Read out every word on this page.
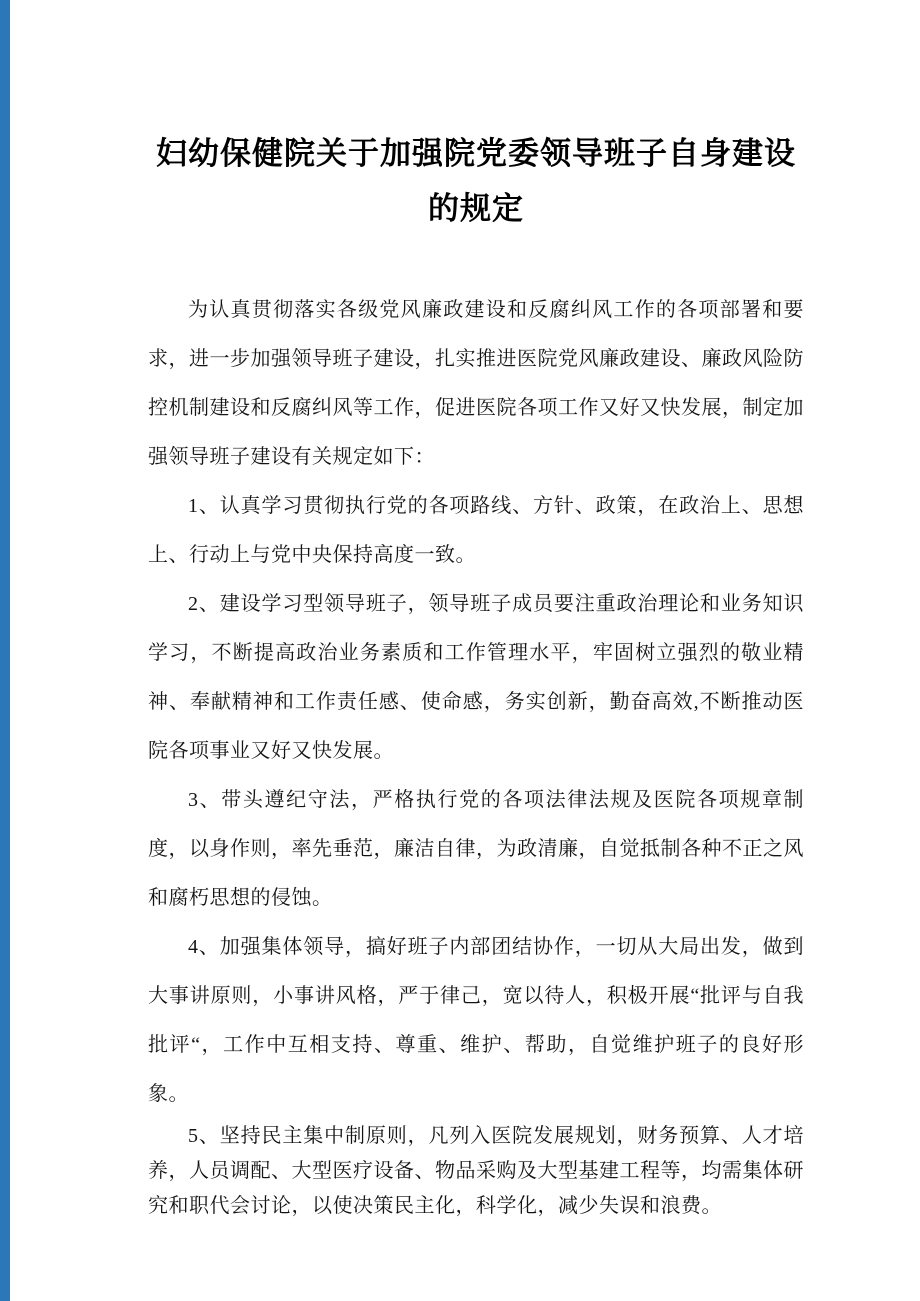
妇幼保健院关于加强院党委领导班子自身建设的规定

为认真贯彻落实各级党风廉政建设和反腐纠风工作的各项部署和要求，进一步加强领导班子建设，扎实推进医院党风廉政建设、廉政风险防控机制建设和反腐纠风等工作，促进医院各项工作又好又快发展，制定加强领导班子建设有关规定如下：

1、认真学习贯彻执行党的各项路线、方针、政策，在政治上、思想上、行动上与党中央保持高度一致。

2、建设学习型领导班子，领导班子成员要注重政治理论和业务知识学习，不断提高政治业务素质和工作管理水平，牢固树立强烈的敬业精神、奉献精神和工作责任感、使命感，务实创新，勤奋高效,不断推动医院各项事业又好又快发展。

3、带头遵纪守法，严格执行党的各项法律法规及医院各项规章制度，以身作则，率先垂范，廉洁自律，为政清廉，自觉抵制各种不正之风和腐朽思想的侵蚀。

4、加强集体领导，搞好班子内部团结协作，一切从大局出发，做到大事讲原则，小事讲风格，严于律己，宽以待人，积极开展“批评与自我批评“，工作中互相支持、尊重、维护、帮助，自觉维护班子的良好形象。

5、坚持民主集中制原则，凡列入医院发展规划，财务预算、人才培养，人员调配、大型医疗设备、物品采购及大型基建工程等，均需集体研究和职代会讨论，以使决策民主化，科学化，减少失误和浪费。
